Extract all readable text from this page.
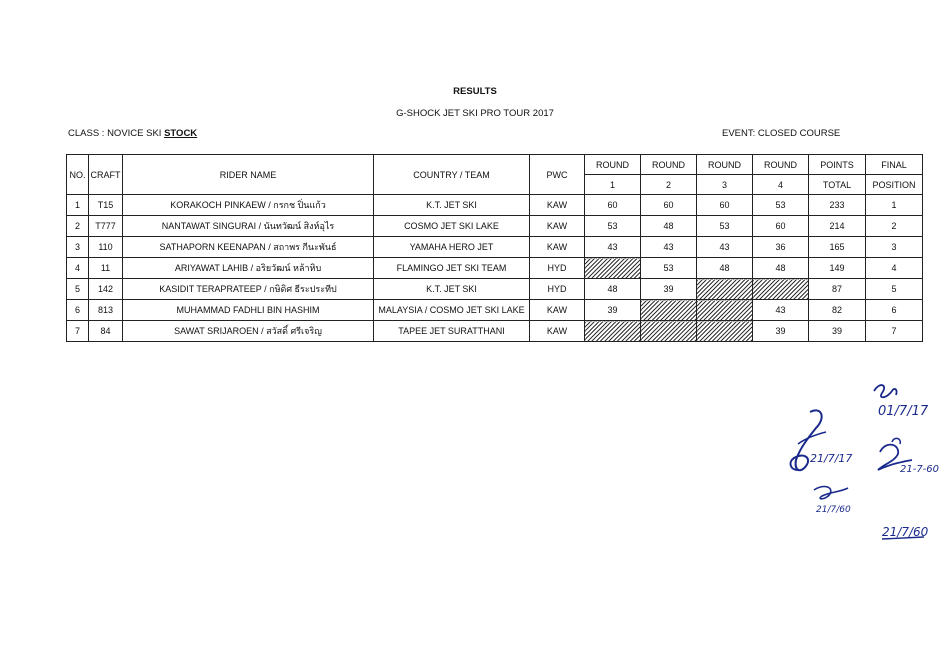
RESULTS
G-SHOCK JET SKI PRO TOUR 2017
CLASS : NOVICE SKI STOCK	EVENT: CLOSED COURSE
NO.	CRAFT	RIDER NAME	COUNTRY / TEAM	PWC	ROUND	ROUND	ROUND	ROUND	POINTS	FINAL
					1	2	3	4	TOTAL	POSITION
1	T15	KORAKOCH PINKAEW / กรกช ปิ่นแก้ว	K.T. JET SKI	KAW	60	60	60	53	233	1
2	T777	NANTAWAT SINGURAI / นันทวัฒน์ สิงห์อุไร	COSMO JET SKI LAKE	KAW	53	48	53	60	214	2
3	110	SATHAPORN KEENAPAN / สถาพร กีนะพันธ์	YAMAHA HERO JET	KAW	43	43	43	36	165	3
4	11	ARIYAWAT LAHIB / อริยวัฒน์ หล้าหิบ	FLAMINGO JET SKI TEAM	HYD		53	48	48	149	4
5	142	KASIDIT TERAPRATEEP / กษิดิศ ธีระประทีป	K.T. JET SKI	HYD	48	39			87	5
6	813	MUHAMMAD FADHLI BIN HASHIM	MALAYSIA / COSMO JET SKI LAKE	KAW	39			43	82	6
7	84	SAWAT SRIJAROEN / สวัสดิ์ ศรีเจริญ	TAPEE JET SURATTHANI	KAW				39	39	7
21/7/17
01/7/17
21-7-60
21/7/60
21/7/60
